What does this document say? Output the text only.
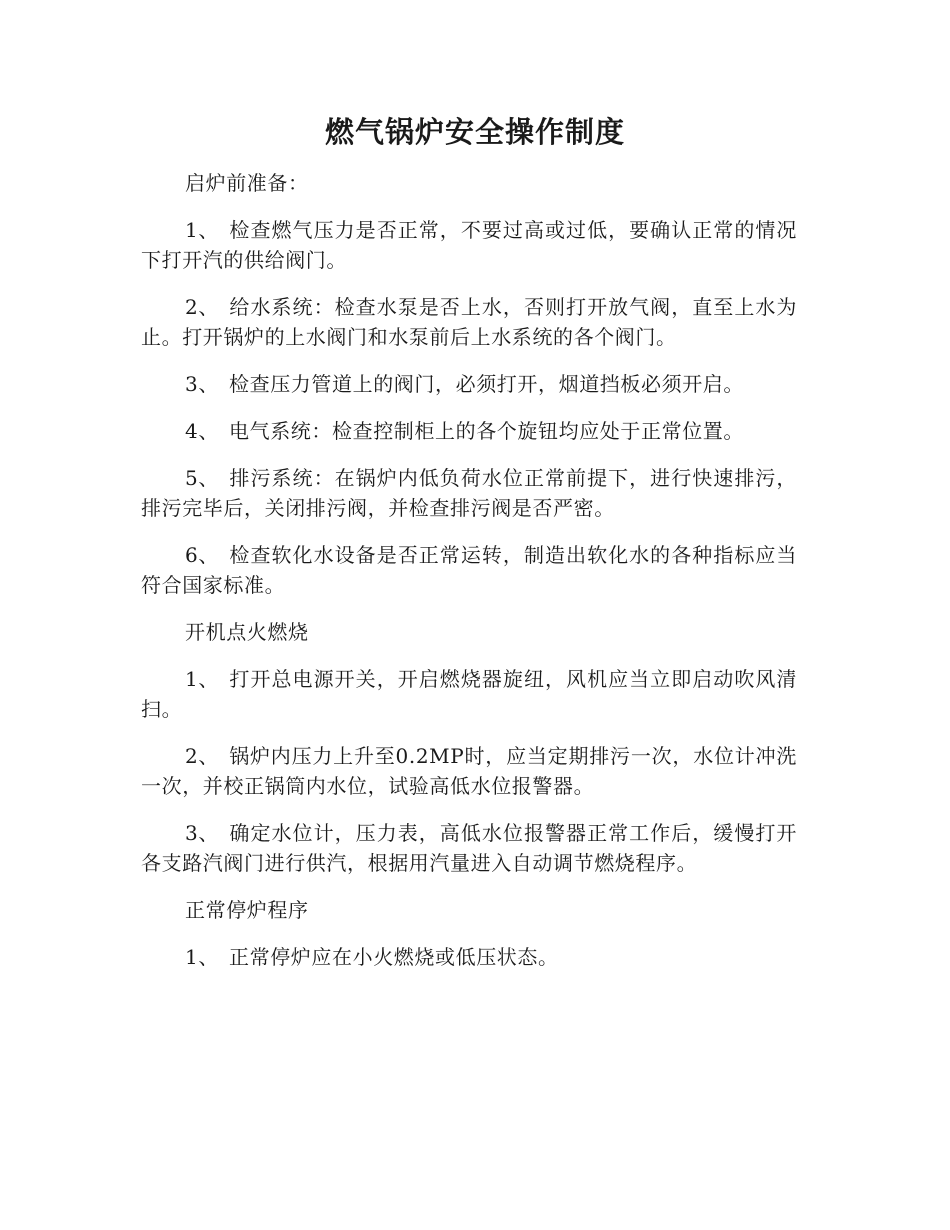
燃气锅炉安全操作制度

启炉前准备：

1、 检查燃气压力是否正常，不要过高或过低，要确认正常的情况下打开汽的供给阀门。

2、 给水系统：检查水泵是否上水，否则打开放气阀，直至上水为止。打开锅炉的上水阀门和水泵前后上水系统的各个阀门。

3、 检查压力管道上的阀门，必须打开，烟道挡板必须开启。

4、 电气系统：检查控制柜上的各个旋钮均应处于正常位置。

5、 排污系统：在锅炉内低负荷水位正常前提下，进行快速排污，排污完毕后，关闭排污阀，并检查排污阀是否严密。

6、 检查软化水设备是否正常运转，制造出软化水的各种指标应当符合国家标准。

开机点火燃烧

1、 打开总电源开关，开启燃烧器旋纽，风机应当立即启动吹风清扫。

2、 锅炉内压力上升至0.2MP时，应当定期排污一次，水位计冲洗一次，并校正锅筒内水位，试验高低水位报警器。

3、 确定水位计，压力表，高低水位报警器正常工作后，缓慢打开各支路汽阀门进行供汽，根据用汽量进入自动调节燃烧程序。

正常停炉程序

1、 正常停炉应在小火燃烧或低压状态。
